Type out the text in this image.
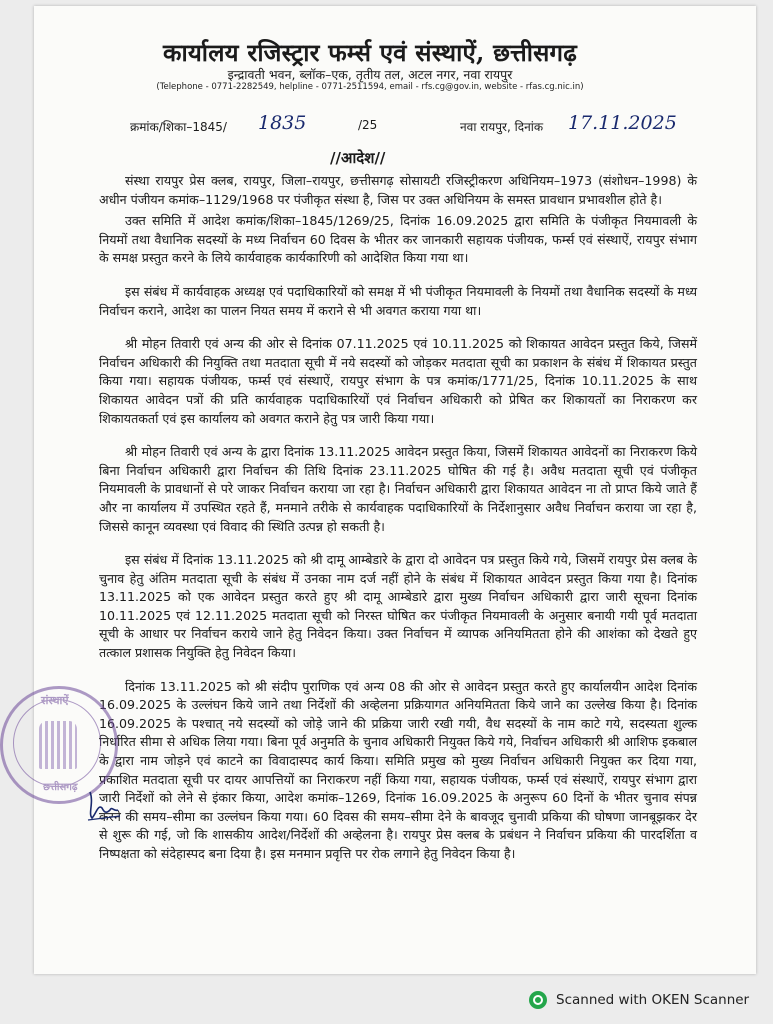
कार्यालय रजिस्ट्रार फर्म्स एवं संस्थाऐं, छत्तीसगढ़
इन्द्रावती भवन, ब्लॉक–एक, तृतीय तल, अटल नगर, नवा रायपुर
(Telephone - 0771-2282549, helpline - 0771-2511594, email - rfs.cg@gov.in, website - rfas.cg.nic.in)
क्रमांक/शिका–1845/ 1835	/25	नवा रायपुर, दिनांक 17.11.2025
//आदेश//

संस्था रायपुर प्रेस क्लब, रायपुर, जिला–रायपुर, छत्तीसगढ़ सोसायटी रजिस्ट्रीकरण अधिनियम–1973 (संशोधन–1998) के अधीन पंजीयन कमांक–1129/1968 पर पंजीकृत संस्था है, जिस पर उक्त अधिनियम के समस्त प्रावधान प्रभावशील होते है।

उक्त समिति में आदेश कमांक/शिका–1845/1269/25, दिनांक 16.09.2025 द्वारा समिति के पंजीकृत नियमावली के नियमों तथा वैधानिक सदस्यों के मध्य निर्वाचन 60 दिवस के भीतर कर जानकारी सहायक पंजीयक, फर्म्स एवं संस्थाऐं, रायपुर संभाग के समक्ष प्रस्तुत करने के लिये कार्यवाहक कार्यकारिणी को आदेशित किया गया था।

इस संबंध में कार्यवाहक अध्यक्ष एवं पदाधिकारियों को समक्ष में भी पंजीकृत नियमावली के नियमों तथा वैधानिक सदस्यों के मध्य निर्वाचन कराने, आदेश का पालन नियत समय में कराने से भी अवगत कराया गया था।

श्री मोहन तिवारी एवं अन्य की ओर से दिनांक 07.11.2025 एवं 10.11.2025 को शिकायत आवेदन प्रस्तुत किये, जिसमें निर्वाचन अधिकारी की नियुक्ति तथा मतदाता सूची में नये सदस्यों को जोड़कर मतदाता सूची का प्रकाशन के संबंध में शिकायत प्रस्तुत किया गया। सहायक पंजीयक, फर्म्स एवं संस्थाऐं, रायपुर संभाग के पत्र कमांक/1771/25, दिनांक 10.11.2025 के साथ शिकायत आवेदन पत्रों की प्रति कार्यवाहक पदाधिकारियों एवं निर्वाचन अधिकारी को प्रेषित कर शिकायतों का निराकरण कर शिकायतकर्ता एवं इस कार्यालय को अवगत कराने हेतु पत्र जारी किया गया।

श्री मोहन तिवारी एवं अन्य के द्वारा दिनांक 13.11.2025 आवेदन प्रस्तुत किया, जिसमें शिकायत आवेदनों का निराकरण किये बिना निर्वाचन अधिकारी द्वारा निर्वाचन की तिथि दिनांक 23.11.2025 घोषित की गई है। अवैध मतदाता सूची एवं पंजीकृत नियमावली के प्रावधानों से परे जाकर निर्वाचन कराया जा रहा है। निर्वाचन अधिकारी द्वारा शिकायत आवेदन ना तो प्राप्त किये जाते हैं और ना कार्यालय में उपस्थित रहते हैं, मनमाने तरीके से कार्यवाहक पदाधिकारियों के निर्देशानुसार अवैध निर्वाचन कराया जा रहा है, जिससे कानून व्यवस्था एवं विवाद की स्थिति उत्पन्न हो सकती है।

इस संबंध में दिनांक 13.11.2025 को श्री दामू आम्बेडारे के द्वारा दो आवेदन पत्र प्रस्तुत किये गये, जिसमें रायपुर प्रेस क्लब के चुनाव हेतु अंतिम मतदाता सूची के संबंध में उनका नाम दर्ज नहीं होने के संबंध में शिकायत आवेदन प्रस्तुत किया गया है। दिनांक 13.11.2025 को एक आवेदन प्रस्तुत करते हुए श्री दामू आम्बेडारे द्वारा मुख्य निर्वाचन अधिकारी द्वारा जारी सूचना दिनांक 10.11.2025 एवं 12.11.2025 मतदाता सूची को निरस्त घोषित कर पंजीकृत नियमावली के अनुसार बनायी गयी पूर्व मतदाता सूची के आधार पर निर्वाचन कराये जाने हेतु निवेदन किया। उक्त निर्वाचन में व्यापक अनियमितता होने की आशंका को देखते हुए तत्काल प्रशासक नियुक्ति हेतु निवेदन किया।

दिनांक 13.11.2025 को श्री संदीप पुराणिक एवं अन्य 08 की ओर से आवेदन प्रस्तुत करते हुए कार्यालयीन आदेश दिनांक 16.09.2025 के उल्लंघन किये जाने तथा निर्देशों की अव्हेलना प्रक्रियागत अनियमितता किये जाने का उल्लेख किया है। दिनांक 16.09.2025 के पश्चात् नये सदस्यों को जोड़े जाने की प्रक्रिया जारी रखी गयी, वैध सदस्यों के नाम काटे गये, सदस्यता शुल्क निर्धारित सीमा से अधिक लिया गया। बिना पूर्व अनुमति के चुनाव अधिकारी नियुक्त किये गये, निर्वाचन अधिकारी श्री आशिफ इकबाल के द्वारा नाम जोड़ने एवं काटने का विवादास्पद कार्य किया। समिति प्रमुख को मुख्य निर्वाचन अधिकारी नियुक्त कर दिया गया, प्रकाशित मतदाता सूची पर दायर आपत्तियों का निराकरण नहीं किया गया, सहायक पंजीयक, फर्म्स एवं संस्थाऐं, रायपुर संभाग द्वारा जारी निर्देशों को लेने से इंकार किया, आदेश कमांक–1269, दिनांक 16.09.2025 के अनुरूप 60 दिनों के भीतर चुनाव संपन्न करने की समय–सीमा का उल्लंघन किया गया। 60 दिवस की समय–सीमा देने के बावजूद चुनावी प्रकिया की घोषणा जानबूझकर देर से शुरू की गई, जो कि शासकीय आदेश/निर्देशों की अव्हेलना है। रायपुर प्रेस क्लब के प्रबंधन ने निर्वाचन प्रकिया की पारदर्शिता व निष्पक्षता को संदेहास्पद बना दिया है। इस मनमान प्रवृत्ति पर रोक लगाने हेतु निवेदन किया है।

संस्थाऐं
छत्तीसगढ़
Scanned with OKEN Scanner
